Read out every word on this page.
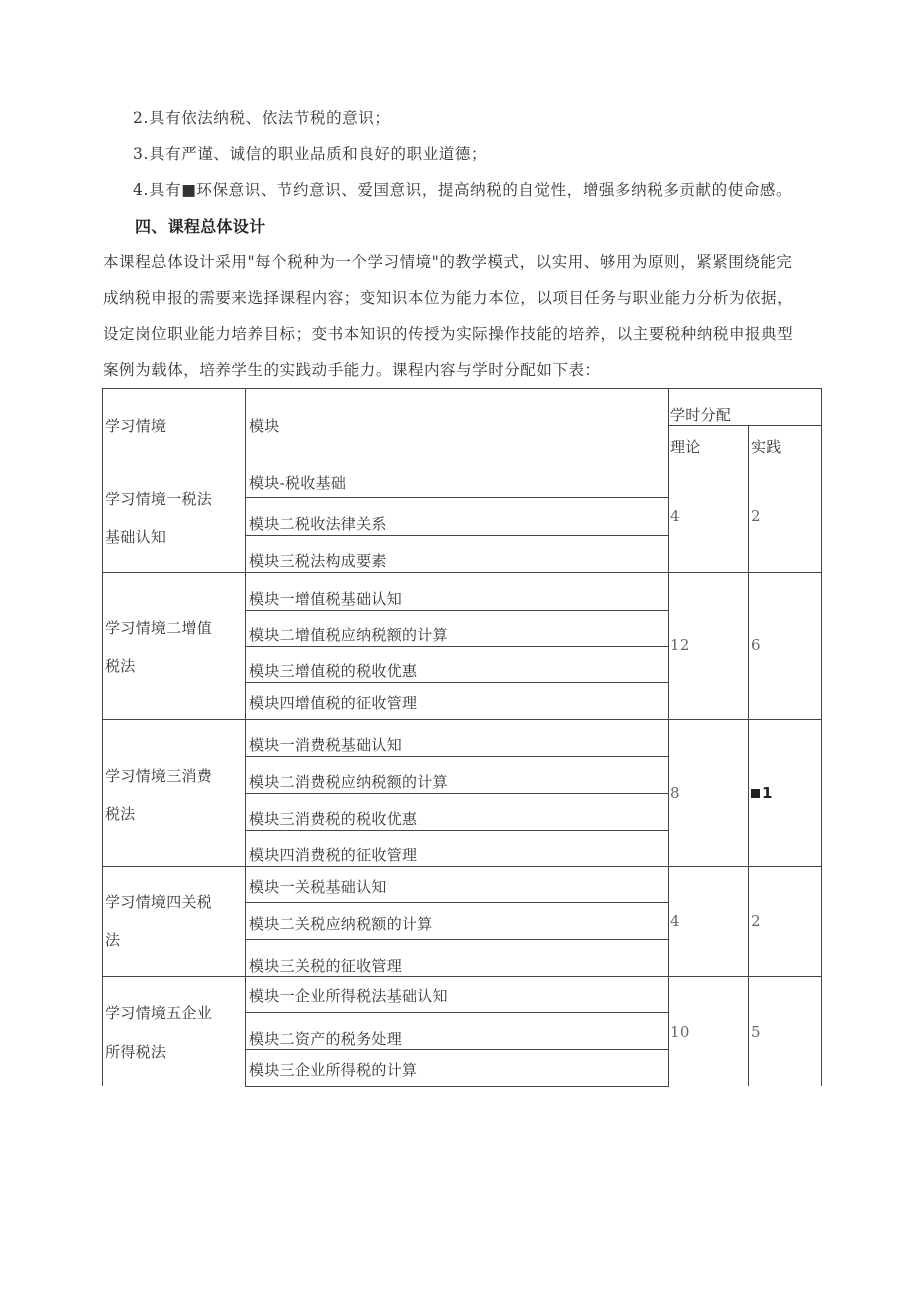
2.具有依法纳税、依法节税的意识；
3.具有严谨、诚信的职业品质和良好的职业道德；
4.具有■环保意识、节约意识、爱国意识，提高纳税的自觉性，增强多纳税多贡献的使命感。
四、课程总体设计
本课程总体设计采用"每个税种为一个学习情境"的教学模式，以实用、够用为原则，紧紧围绕能完
成纳税申报的需要来选择课程内容；变知识本位为能力本位，以项目任务与职业能力分析为依据，
设定岗位职业能力培养目标；变书本知识的传授为实际操作技能的培养，以主要税种纳税申报典型
案例为载体，培养学生的实践动手能力。课程内容与学时分配如下表：
学习情境	模块
学时分配
理论	实践
学习情境一税法
基础认知
模块-税收基础
模块二税收法律关系
模块三税法构成要素
4	2
学习情境二增值
税法
模块一增值税基础认知
模块二增值税应纳税额的计算
模块三增值税的税收优惠
模块四增值税的征收管理
12	6
学习情境三消费
税法
模块一消费税基础认知
模块二消费税应纳税额的计算
模块三消费税的税收优惠
模块四消费税的征收管理
8	1
学习情境四关税
法
模块一关税基础认知
模块二关税应纳税额的计算
模块三关税的征收管理
4	2
学习情境五企业
所得税法
模块一企业所得税法基础认知
模块二资产的税务处理
模块三企业所得税的计算
10	5
